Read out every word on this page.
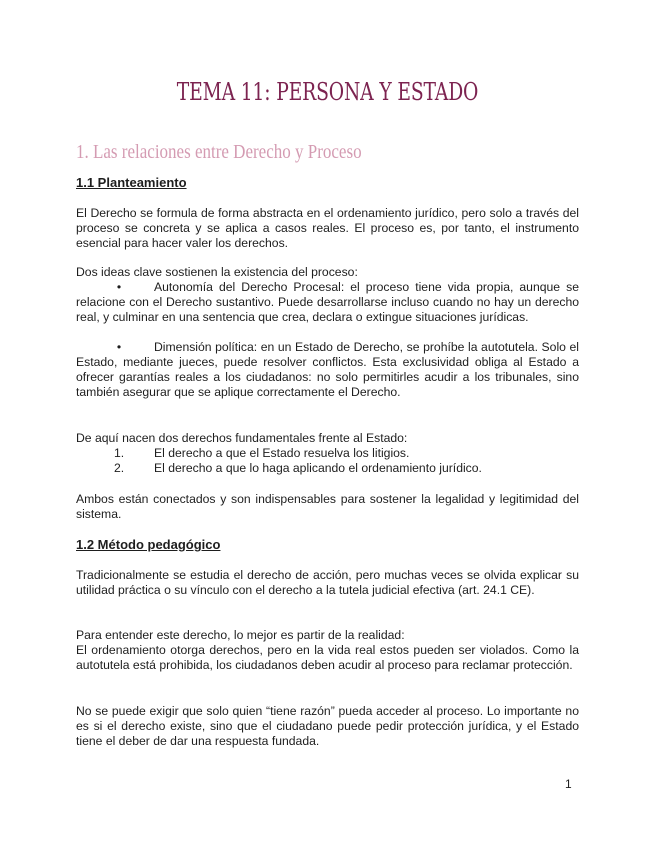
TEMA 11: PERSONA Y ESTADO
1. Las relaciones entre Derecho y Proceso
1.1 Planteamiento

El Derecho se formula de forma abstracta en el ordenamiento jurídico, pero solo a través del proceso se concreta y se aplica a casos reales. El proceso es, por tanto, el instrumento esencial para hacer valer los derechos.

Dos ideas clave sostienen la existencia del proceso:

•	Autonomía del Derecho Procesal: el proceso tiene vida propia, aunque se relacione con el Derecho sustantivo. Puede desarrollarse incluso cuando no hay un derecho real, y culminar en una sentencia que crea, declara o extingue situaciones jurídicas.
•	Dimensión política: en un Estado de Derecho, se prohíbe la autotutela. Solo el Estado, mediante jueces, puede resolver conflictos. Esta exclusividad obliga al Estado a ofrecer garantías reales a los ciudadanos: no solo permitirles acudir a los tribunales, sino también asegurar que se aplique correctamente el Derecho.

De aquí nacen dos derechos fundamentales frente al Estado:

1.	El derecho a que el Estado resuelva los litigios.
2.	El derecho a que lo haga aplicando el ordenamiento jurídico.

Ambos están conectados y son indispensables para sostener la legalidad y legitimidad del sistema.

1.2 Método pedagógico

Tradicionalmente se estudia el derecho de acción, pero muchas veces se olvida explicar su utilidad práctica o su vínculo con el derecho a la tutela judicial efectiva (art. 24.1 CE).

Para entender este derecho, lo mejor es partir de la realidad:

El ordenamiento otorga derechos, pero en la vida real estos pueden ser violados. Como la autotutela está prohibida, los ciudadanos deben acudir al proceso para reclamar protección.

No se puede exigir que solo quien “tiene razón” pueda acceder al proceso. Lo importante no es si el derecho existe, sino que el ciudadano puede pedir protección jurídica, y el Estado tiene el deber de dar una respuesta fundada.

1
